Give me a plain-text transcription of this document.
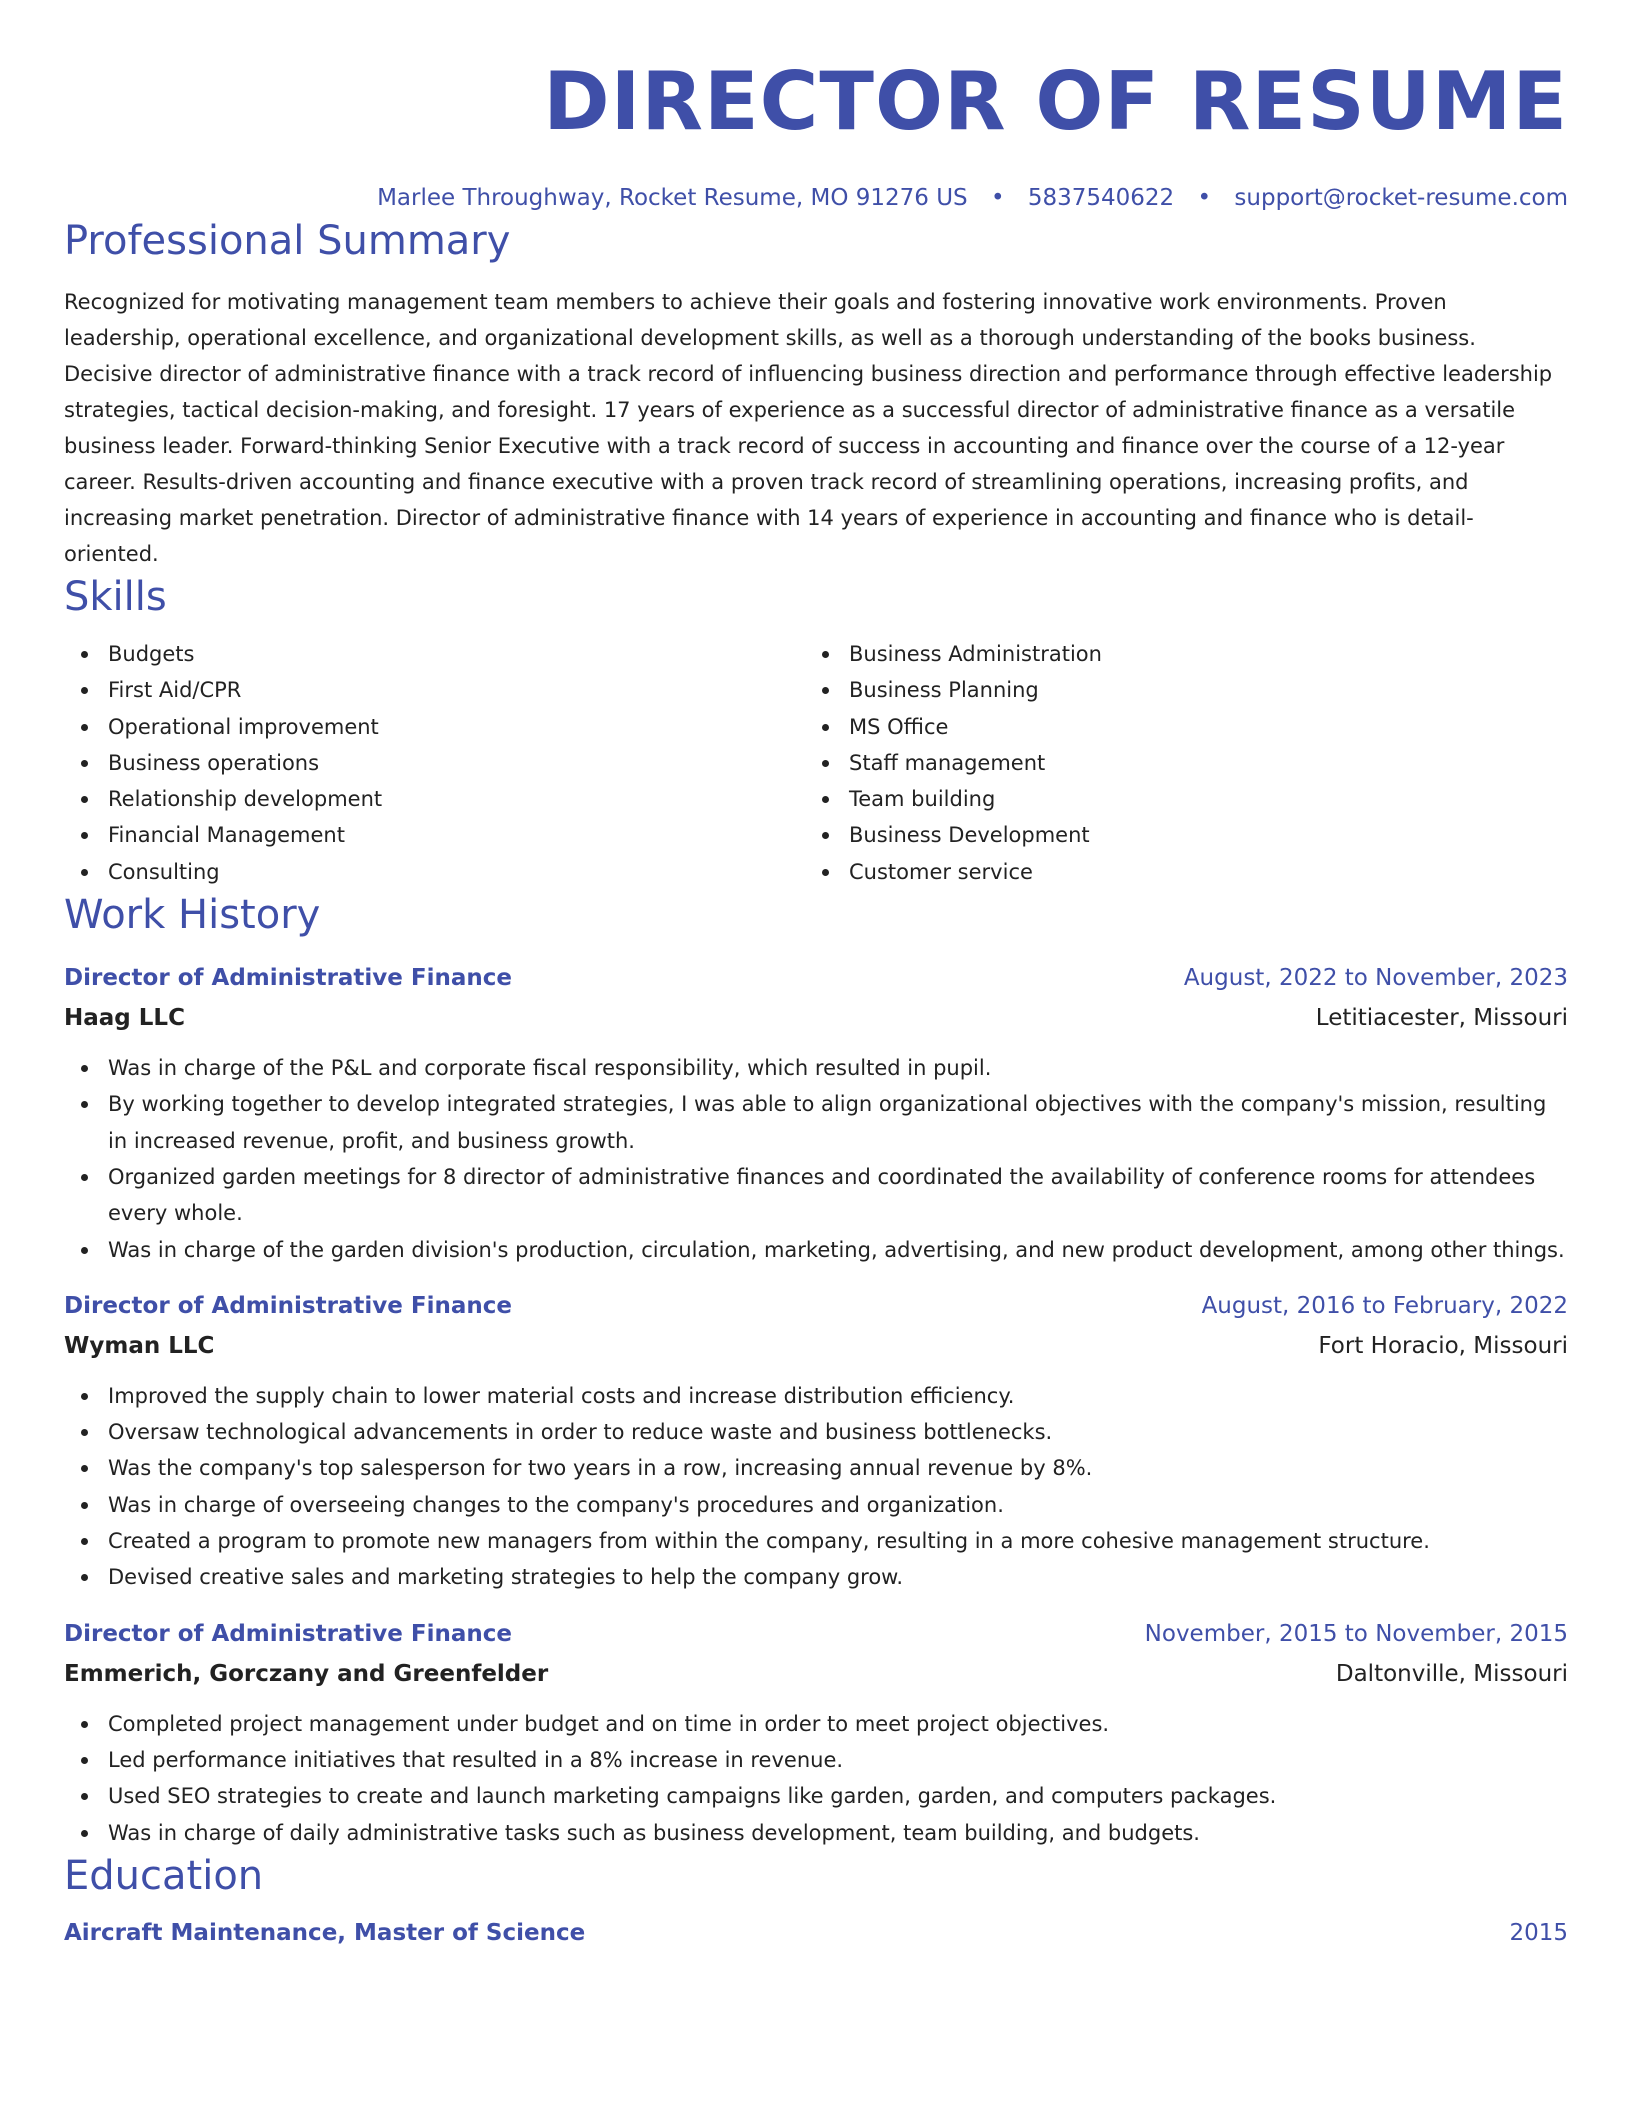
DIRECTOR OF RESUME
Marlee Throughway, Rocket Resume, MO 91276 US • 5837540622 • support@rocket-resume.com
Professional Summary
Recognized for motivating management team members to achieve their goals and fostering innovative work environments. Proven leadership, operational excellence, and organizational development skills, as well as a thorough understanding of the books business. Decisive director of administrative finance with a track record of influencing business direction and performance through effective leadership strategies, tactical decision-making, and foresight. 17 years of experience as a successful director of administrative finance as a versatile business leader. Forward-thinking Senior Executive with a track record of success in accounting and finance over the course of a 12-year career. Results-driven accounting and finance executive with a proven track record of streamlining operations, increasing profits, and increasing market penetration. Director of administrative finance with 14 years of experience in accounting and finance who is detail-oriented.
Skills
Budgets
First Aid/CPR
Operational improvement
Business operations
Relationship development
Financial Management
Consulting
Business Administration
Business Planning
MS Office
Staff management
Team building
Business Development
Customer service
Work History
Director of Administrative Finance	August, 2022 to November, 2023
Haag LLC	Letitiacester, Missouri
Was in charge of the P&L and corporate fiscal responsibility, which resulted in pupil.
By working together to develop integrated strategies, I was able to align organizational objectives with the company's mission, resulting in increased revenue, profit, and business growth.
Organized garden meetings for 8 director of administrative finances and coordinated the availability of conference rooms for attendees every whole.
Was in charge of the garden division's production, circulation, marketing, advertising, and new product development, among other things.
Director of Administrative Finance	August, 2016 to February, 2022
Wyman LLC	Fort Horacio, Missouri
Improved the supply chain to lower material costs and increase distribution efficiency.
Oversaw technological advancements in order to reduce waste and business bottlenecks.
Was the company's top salesperson for two years in a row, increasing annual revenue by 8%.
Was in charge of overseeing changes to the company's procedures and organization.
Created a program to promote new managers from within the company, resulting in a more cohesive management structure.
Devised creative sales and marketing strategies to help the company grow.
Director of Administrative Finance	November, 2015 to November, 2015
Emmerich, Gorczany and Greenfelder	Daltonville, Missouri
Completed project management under budget and on time in order to meet project objectives.
Led performance initiatives that resulted in a 8% increase in revenue.
Used SEO strategies to create and launch marketing campaigns like garden, garden, and computers packages.
Was in charge of daily administrative tasks such as business development, team building, and budgets.
Education
Aircraft Maintenance, Master of Science	2015
